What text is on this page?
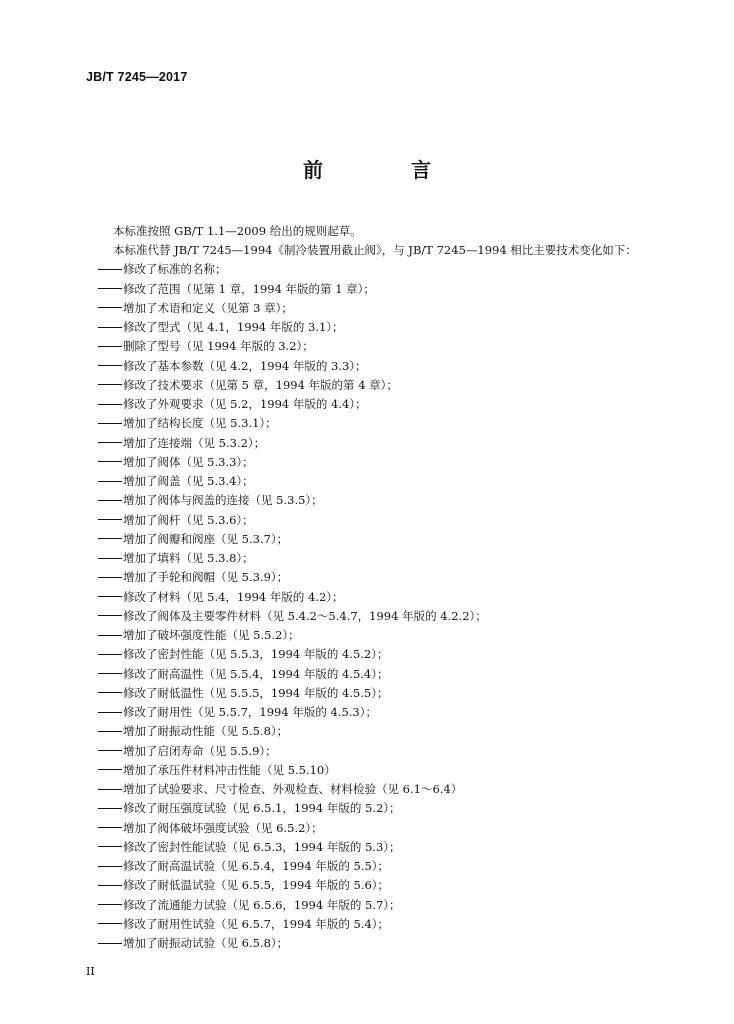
JB/T 7245—2017
前　言
本标准按照 GB/T 1.1—2009 给出的规则起草。
本标准代替 JB/T 7245—1994《制冷装置用截止阀》，与 JB/T 7245—1994 相比主要技术变化如下：
修改了标准的名称；
修改了范围（见第 1 章，1994 年版的第 1 章）；
增加了术语和定义（见第 3 章）；
修改了型式（见 4.1，1994 年版的 3.1）；
删除了型号（见 1994 年版的 3.2）；
修改了基本参数（见 4.2，1994 年版的 3.3）；
修改了技术要求（见第 5 章，1994 年版的第 4 章）；
修改了外观要求（见 5.2，1994 年版的 4.4）；
增加了结构长度（见 5.3.1）；
增加了连接端（见 5.3.2）；
增加了阀体（见 5.3.3）；
增加了阀盖（见 5.3.4）；
增加了阀体与阀盖的连接（见 5.3.5）；
增加了阀杆（见 5.3.6）；
增加了阀瓣和阀座（见 5.3.7）；
增加了填料（见 5.3.8）；
增加了手轮和阀帽（见 5.3.9）；
修改了材料（见 5.4，1994 年版的 4.2）；
修改了阀体及主要零件材料（见 5.4.2～5.4.7，1994 年版的 4.2.2）；
增加了破坏强度性能（见 5.5.2）；
修改了密封性能（见 5.5.3，1994 年版的 4.5.2）；
修改了耐高温性（见 5.5.4，1994 年版的 4.5.4）；
修改了耐低温性（见 5.5.5，1994 年版的 4.5.5）；
修改了耐用性（见 5.5.7，1994 年版的 4.5.3）；
增加了耐振动性能（见 5.5.8）；
增加了启闭寿命（见 5.5.9）；
增加了承压件材料冲击性能（见 5.5.10）
增加了试验要求、尺寸检查、外观检查、材料检验（见 6.1～6.4）
修改了耐压强度试验（见 6.5.1，1994 年版的 5.2）；
增加了阀体破坏强度试验（见 6.5.2）；
修改了密封性能试验（见 6.5.3，1994 年版的 5.3）；
修改了耐高温试验（见 6.5.4，1994 年版的 5.5）；
修改了耐低温试验（见 6.5.5，1994 年版的 5.6）；
修改了流通能力试验（见 6.5.6，1994 年版的 5.7）；
修改了耐用性试验（见 6.5.7，1994 年版的 5.4）；
增加了耐振动试验（见 6.5.8）；
II
